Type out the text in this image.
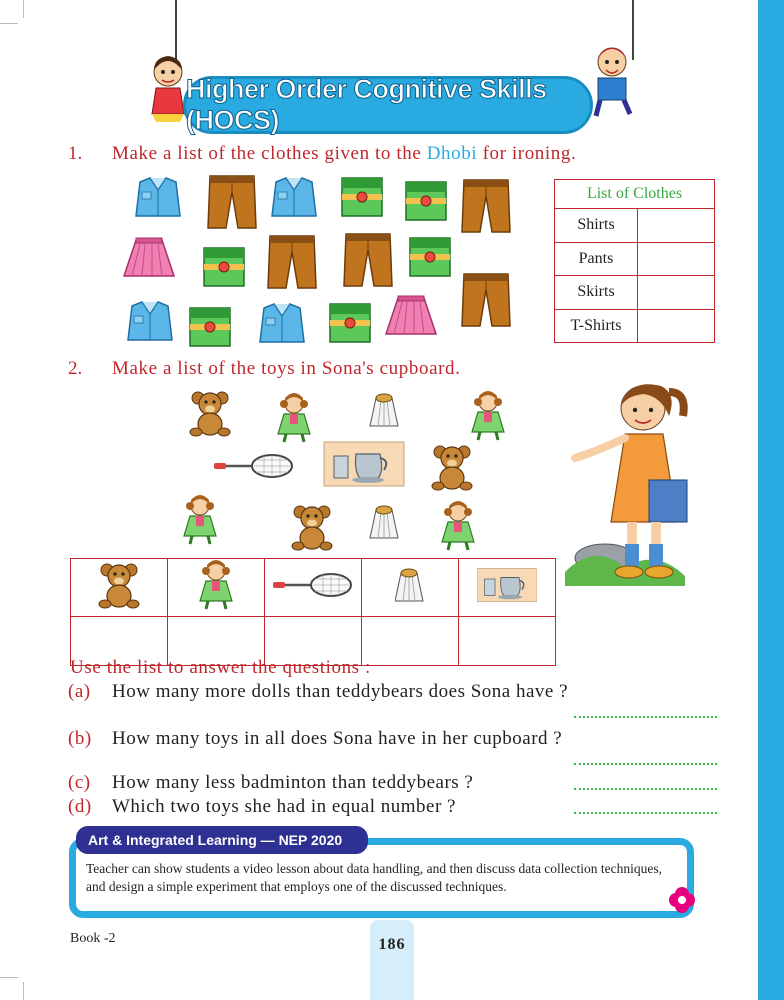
Higher Order Cognitive Skills (HOCS)
1. Make a list of the clothes given to the Dhobi for ironing.
List of Clothes	
Shirts	
Pants	
Skirts	
T-Shirts	
2. Make a list of the toys in Sona's cupboard.

Use the list to answer the questions :
(a) How many more dolls than teddybears does Sona have ?
(b) How many toys in all does Sona have in her cupboard ?
(c) How many less badminton than teddybears ?
(d) Which two toys she had in equal number ?
Art & Integrated Learning — NEP 2020
Teacher can show students a video lesson about data handling, and then discuss data collection techniques, and design a simple experiment that employs one of the discussed techniques.
Book -2	186
